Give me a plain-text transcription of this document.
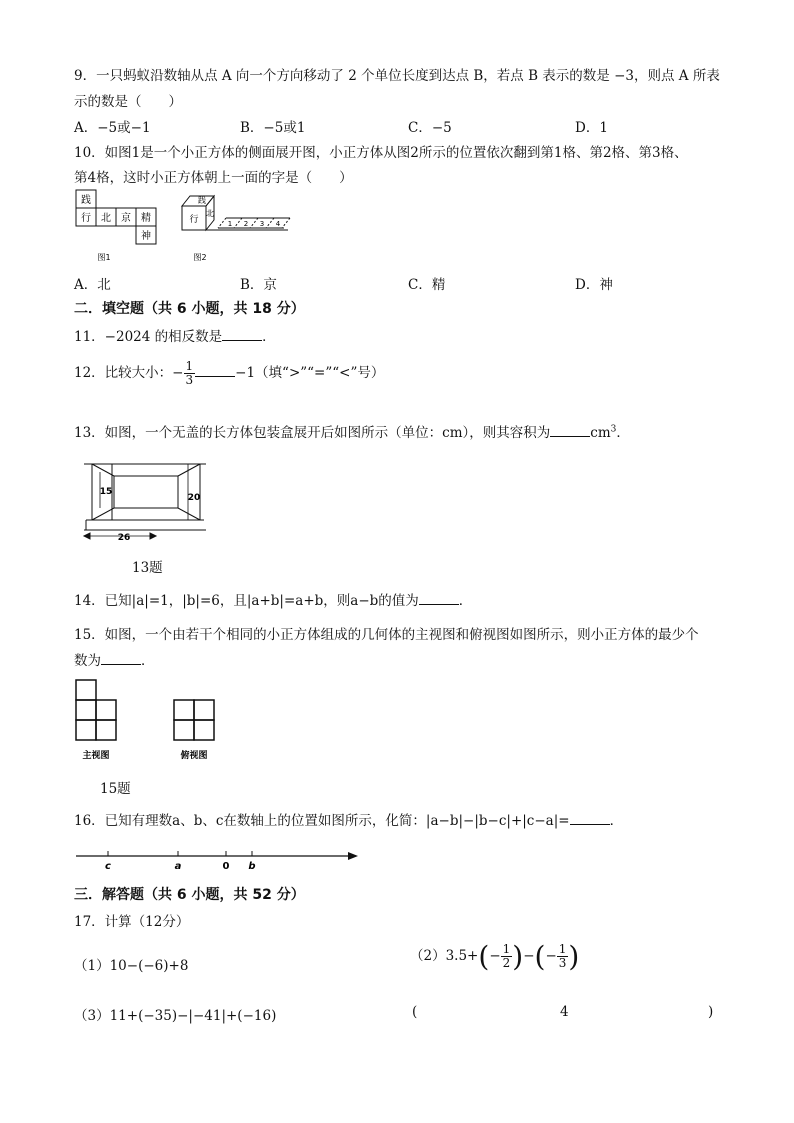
9．一只蚂蚁沿数轴从点 A 向一个方向移动了 2 个单位长度到达点 B，若点 B 表示的数是 −3，则点 A 所表
示的数是（　　）
A．−5或−1	B．−5或1	C．−5	D．1
10．如图1是一个小正方体的侧面展开图，小正方体从图2所示的位置依次翻到第1格、第2格、第3格、
第4格，这时小正方体朝上一面的字是（　　）
践
行 北 京 精
神
图1
践
北
行	1 2 3 4
图2
A．北	B．京	C．精	D．神
二．填空题（共 6 小题，共 18 分）
11．−2024 的相反数是	．
12．比较大小：− $\frac{1}{3}$	−1（填“>”“=”“<”号）
13．如图，一个无盖的长方体包装盒展开后如图所示（单位：cm），则其容积为	$cm^3$．
15
20
26
13题
14．已知|a|=1，|b|=6，且|a+b|=a+b，则a−b的值为	．
15．如图，一个由若干个相同的小正方体组成的几何体的主视图和俯视图如图所示，则小正方体的最少个
数为	．
主视图	俯视图
15题
16．已知有理数a、b、c在数轴上的位置如图所示，化简：|a−b|−|b−c|+|c−a|=	．
c	a	0 b
三．解答题（共 6 小题，共 52 分）
17．计算（12分）
（1）10−(−6)+8
$(2)3.5+(- \frac{1}{2}$ )−(− $\frac{1}{3}$ )
（3）11+(−35)−|−41|+(−16)	(	4	)
